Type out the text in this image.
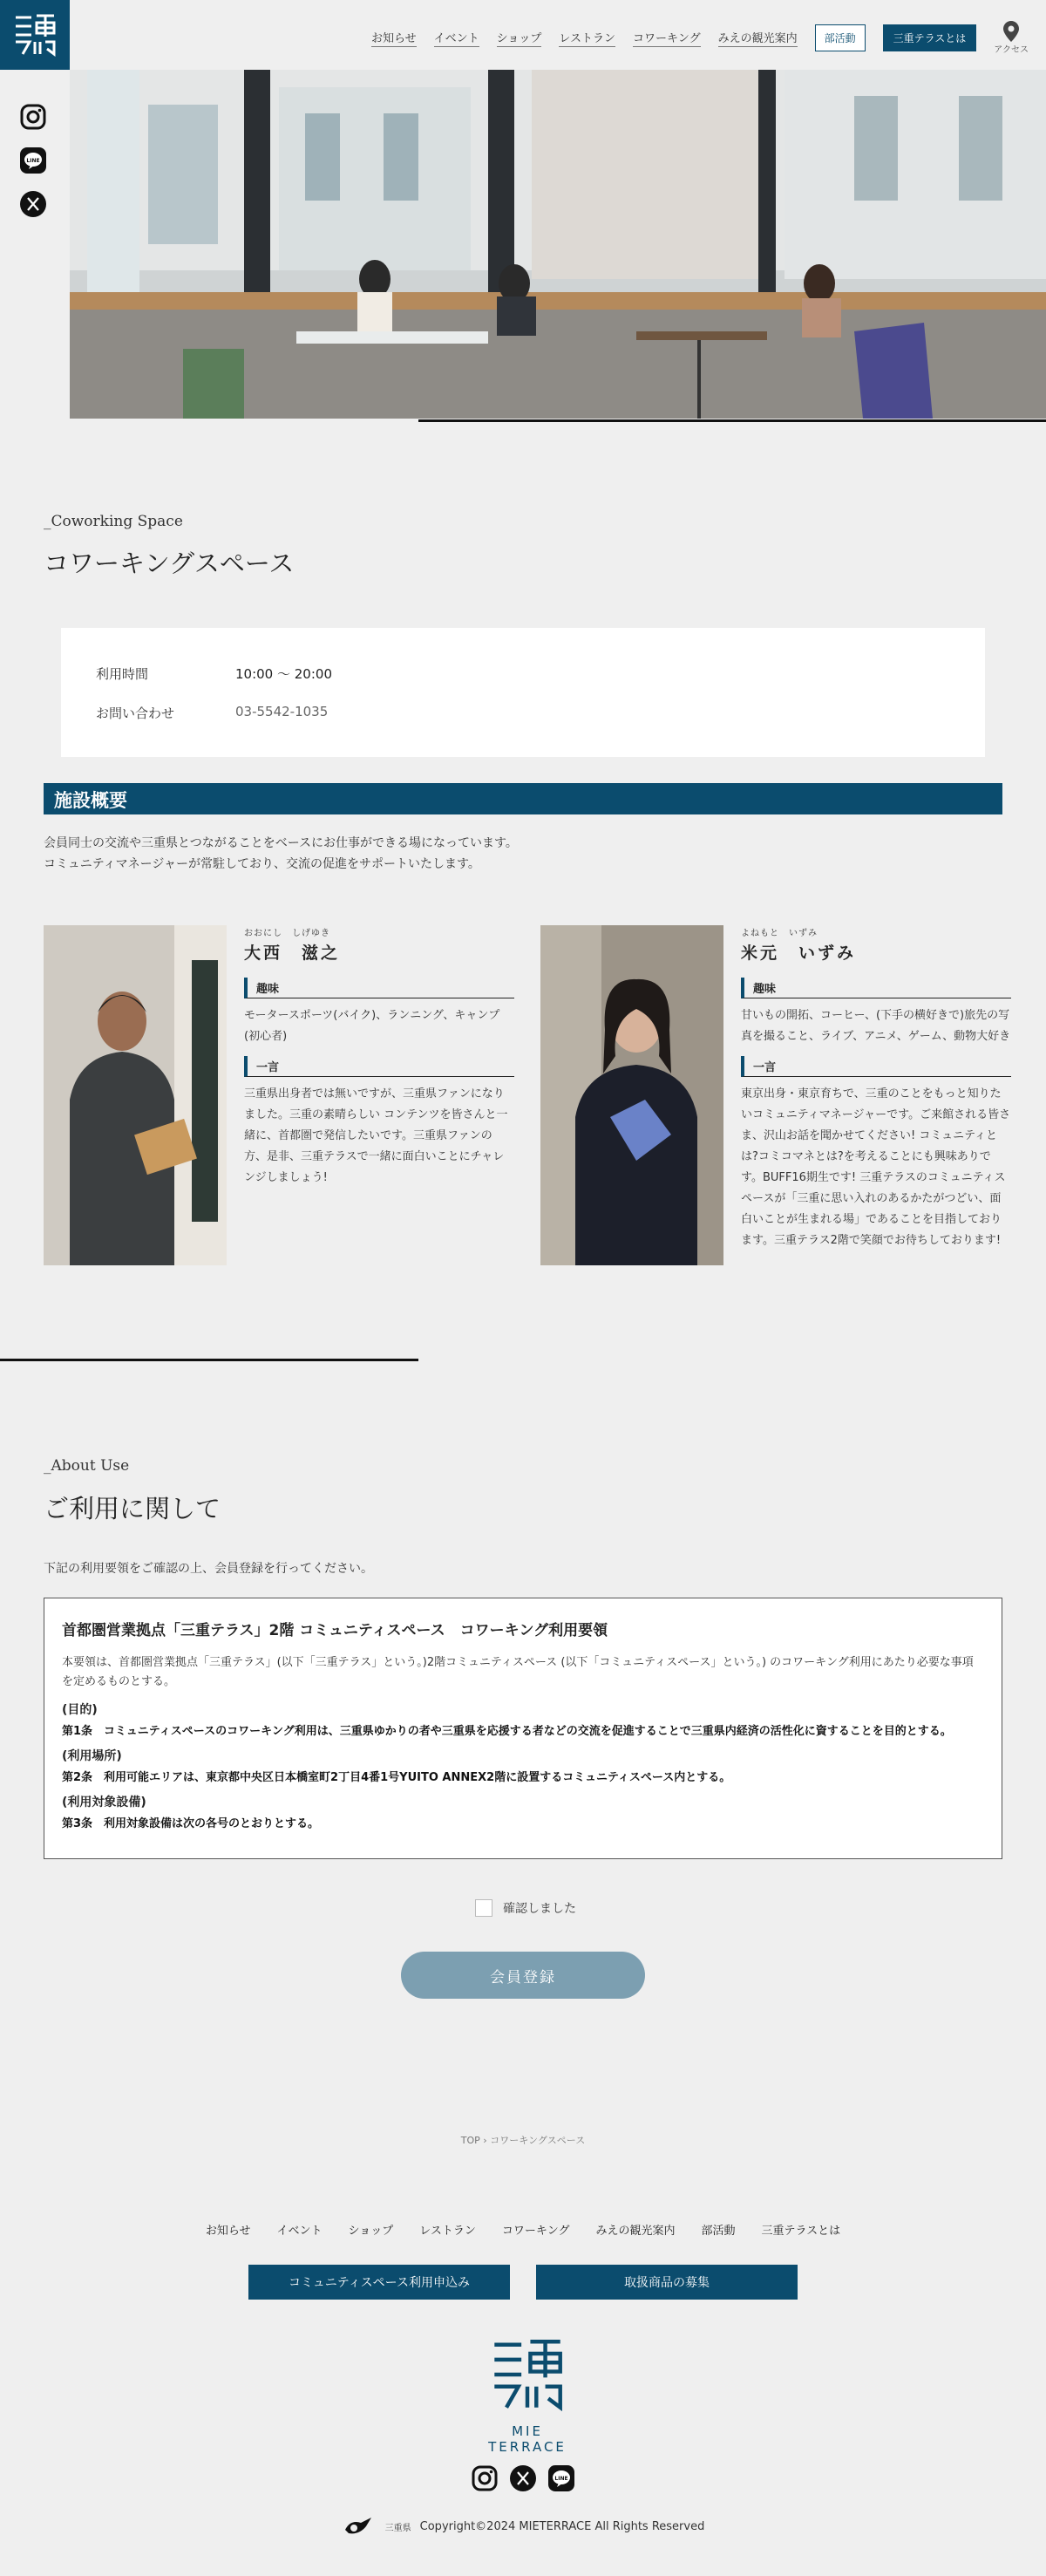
お知らせ イベント ショップ レストラン コワーキング みえの観光案内	部活動	三重テラスとは
アクセス
LINE
_Coworking Space
コワーキングスペース
利用時間	10:00 〜 20:00
お問い合わせ	03-5542-1035
施設概要
会員同士の交流や三重県とつながることをベースにお仕事ができる場になっています。
コミュニティマネージャーが常駐しており、交流の促進をサポートいたします。
おおにし　しげゆき
大西　滋之
趣味
モータースポーツ(バイク)、ランニング、キャンプ(初心者)
一言
三重県出身者では無いですが、三重県ファンになりました。三重の素晴らしい コンテンツを皆さんと一緒に、首都圏で発信したいです。三重県ファンの方、是非、三重テラスで一緒に面白いことにチャレンジしましょう!
よねもと　いずみ
米元　いずみ
趣味
甘いもの開拓、コーヒー、(下手の横好きで)旅先の写真を撮ること、ライブ、アニメ、ゲーム、動物大好き
一言
東京出身・東京育ちで、三重のことをもっと知りたいコミュニティマネージャーです。ご来館される皆さま、沢山お話を聞かせてください! コミュニティとは?コミコマネとは?を考えることにも興味ありです。BUFF16期生です! 三重テラスのコミュニティスペースが「三重に思い入れのあるかたがつどい、面白いことが生まれる場」であることを目指しております。三重テラス2階で笑顔でお待ちしております!
_About Use
ご利用に関して
下記の利用要領をご確認の上、会員登録を行ってください。
首都圏営業拠点「三重テラス」2階 コミュニティスペース　コワーキング利用要領

本要領は、首都圏営業拠点「三重テラス」(以下「三重テラス」という。)2階コミュニティスペース (以下「コミュニティスペース」という。) のコワーキング利用にあたり必要な事項を定めるものとする。

(目的)
第1条　コミュニティスペースのコワーキング利用は、三重県ゆかりの者や三重県を応援する者などの交流を促進することで三重県内経済の活性化に資することを目的とする。
(利用場所)
第2条　利用可能エリアは、東京都中央区日本橋室町2丁目4番1号YUITO ANNEX2階に設置するコミュニティスペース内とする。
(利用対象設備)
第3条　利用対象設備は次の各号のとおりとする。
確認しました
会員登録
TOP › コワーキングスペース
お知らせ イベント ショップ レストラン コワーキング みえの観光案内 部活動 三重テラスとは
コミュニティスペース利用申込み	取扱商品の募集
MIE TERRACE
LINE
三重県 Copyright©2024 MIETERRACE All Rights Reserved
